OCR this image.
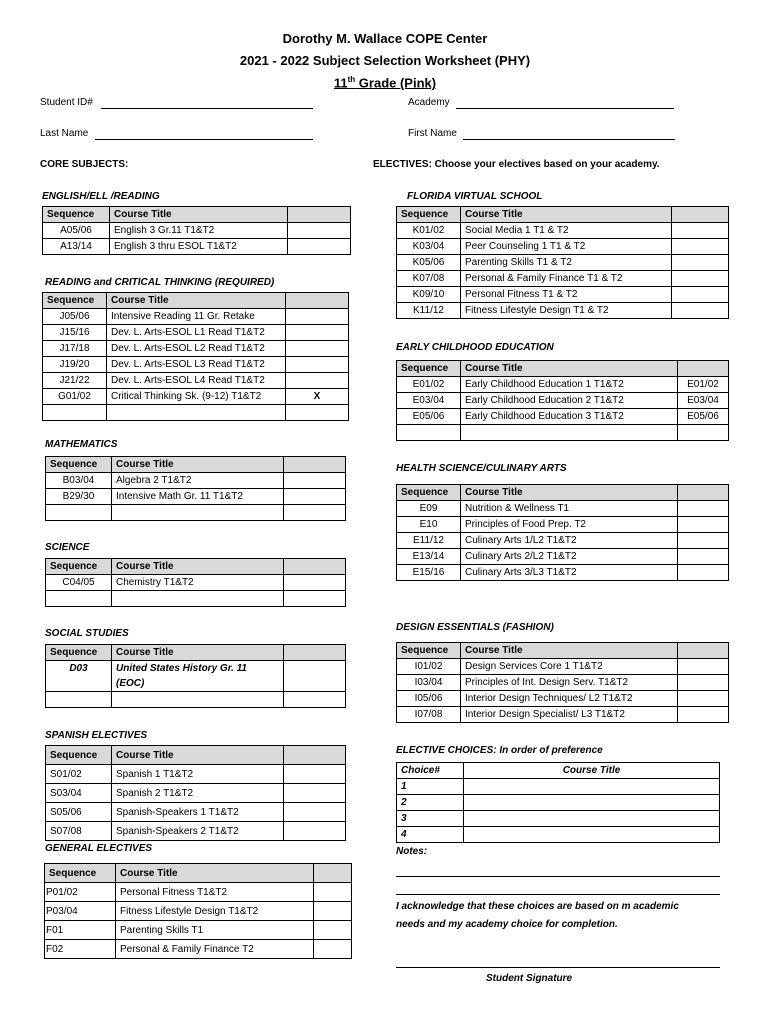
Dorothy M. Wallace COPE Center
2021 - 2022 Subject Selection Worksheet (PHY)
11th Grade (Pink)
Student ID#	Academy
Last Name	First Name
CORE SUBJECTS:	ELECTIVES: Choose your electives based on your academy.
ENGLISH/ELL /READING
Sequence	Course Title	
A05/06	English 3 Gr.11 T1&T2	
A13/14	English 3 thru ESOL T1&T2	
READING and CRITICAL THINKING (REQUIRED)
Sequence	Course Title	
J05/06	Intensive Reading 11 Gr. Retake	
J15/16	Dev. L. Arts-ESOL L1 Read T1&T2	
J17/18	Dev. L. Arts-ESOL L2 Read T1&T2	
J19/20	Dev. L. Arts-ESOL L3 Read T1&T2	
J21/22	Dev. L. Arts-ESOL L4 Read T1&T2	
G01/02	Critical Thinking Sk. (9-12) T1&T2	X

MATHEMATICS
Sequence	Course Title	
B03/04	Algebra 2 T1&T2	
B29/30	Intensive Math Gr. 11 T1&T2	

SCIENCE
Sequence	Course Title	
C04/05	Chemistry T1&T2	

SOCIAL STUDIES
Sequence	Course Title	
D03	United States History Gr. 11
(EOC)	

SPANISH ELECTIVES
Sequence	Course Title	
S01/02	Spanish 1 T1&T2	
S03/04	Spanish 2 T1&T2	
S05/06	Spanish-Speakers 1 T1&T2	
S07/08	Spanish-Speakers 2 T1&T2	
GENERAL ELECTIVES
Sequence	Course Title	
P01/02	Personal Fitness T1&T2	
P03/04	Fitness Lifestyle Design T1&T2	
F01	Parenting Skills T1	
F02	Personal & Family Finance T2	
FLORIDA VIRTUAL SCHOOL
Sequence	Course Title	
K01/02	Social Media 1 T1 & T2	
K03/04	Peer Counseling 1 T1 & T2	
K05/06	Parenting Skills T1 & T2	
K07/08	Personal & Family Finance T1 & T2	
K09/10	Personal Fitness T1 & T2	
K11/12	Fitness Lifestyle Design T1 & T2	
EARLY CHILDHOOD EDUCATION
Sequence	Course Title	
E01/02	Early Childhood Education 1 T1&T2	E01/02
E03/04	Early Childhood Education 2 T1&T2	E03/04
E05/06	Early Childhood Education 3 T1&T2	E05/06

HEALTH SCIENCE/CULINARY ARTS
Sequence	Course Title	
E09	Nutrition & Wellness T1	
E10	Principles of Food Prep. T2	
E11/12	Culinary Arts 1/L2 T1&T2	
E13/14	Culinary Arts 2/L2 T1&T2	
E15/16	Culinary Arts 3/L3 T1&T2	
DESIGN ESSENTIALS (FASHION)
Sequence	Course Title	
I01/02	Design Services Core 1 T1&T2	
I03/04	Principles of Int. Design Serv. T1&T2	
I05/06	Interior Design Techniques/ L2 T1&T2	
I07/08	Interior Design Specialist/ L3 T1&T2	
ELECTIVE CHOICES: In order of preference
Choice#	Course Title
1	
2	
3	
4	
Notes:
I acknowledge that these choices are based on m academic
needs and my academy choice for completion.
Student Signature
